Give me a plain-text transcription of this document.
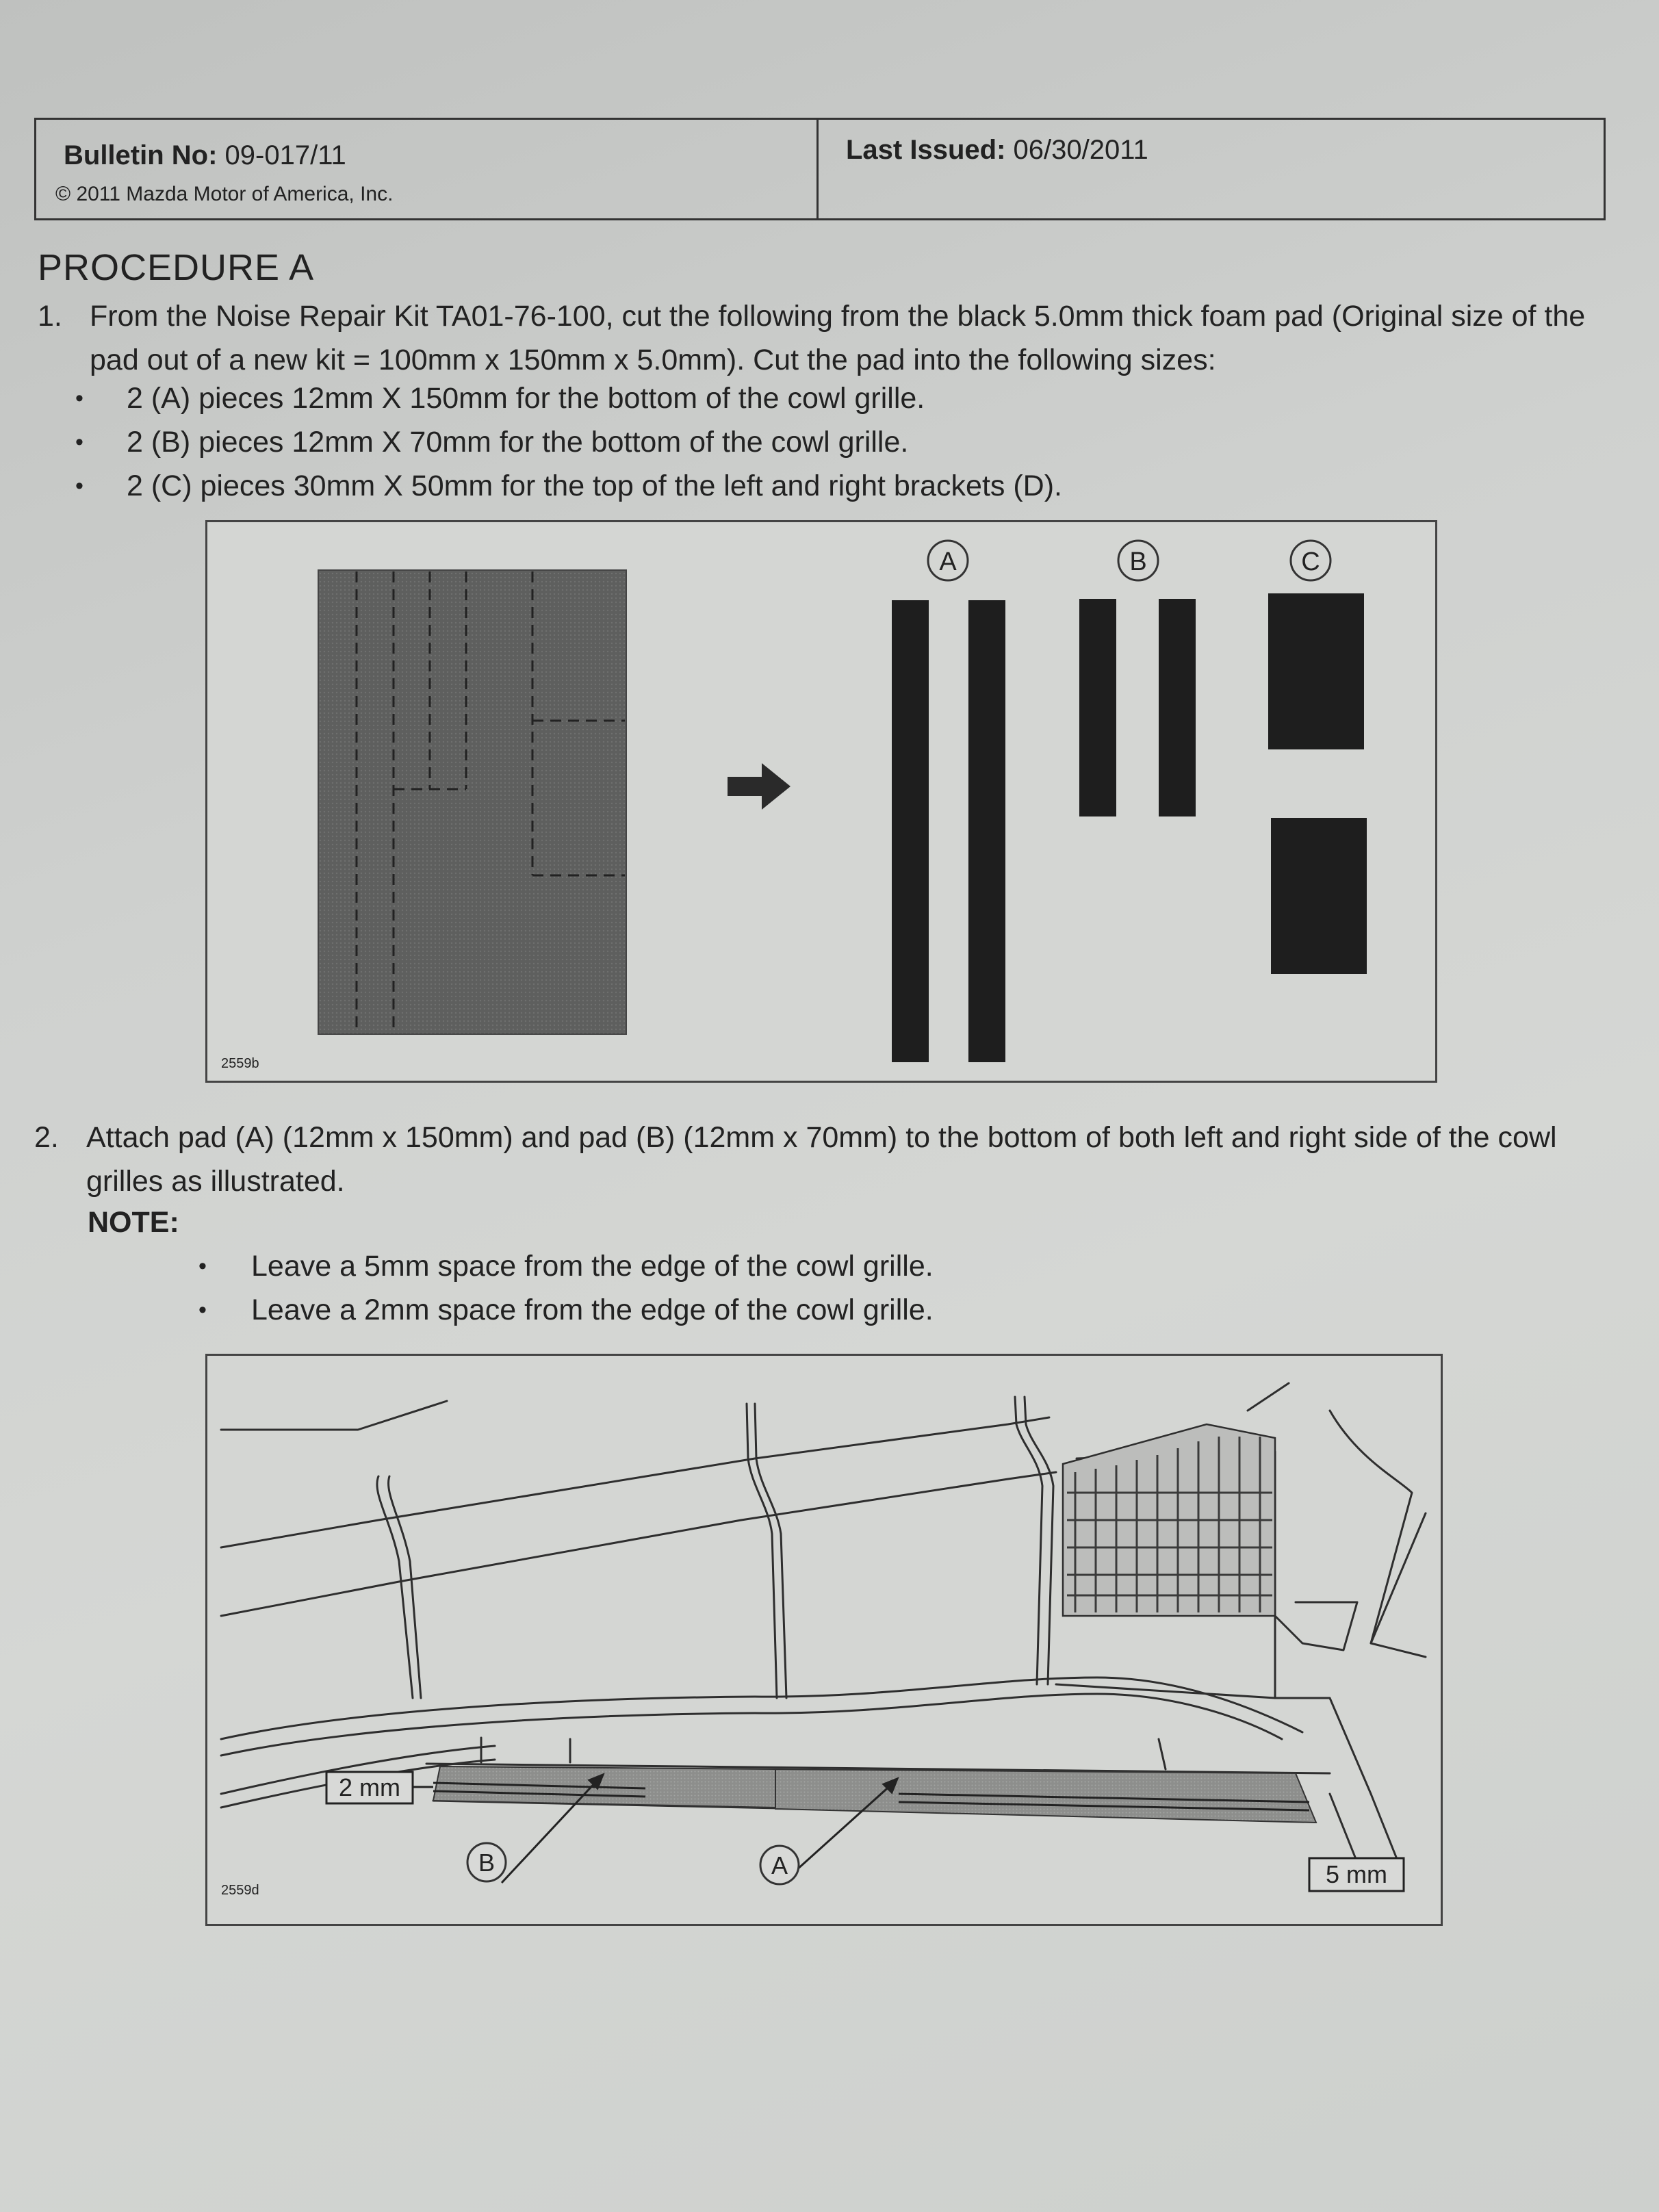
Bulletin No: 09-017/11
© 2011 Mazda Motor of America, Inc.
Last Issued: 06/30/2011
PROCEDURE A
1. From the Noise Repair Kit TA01-76-100, cut the following from the black 5.0mm thick foam pad (Original size of the pad out of a new kit = 100mm x 150mm x 5.0mm). Cut the pad into the following sizes:
• 2 (A) pieces 12mm X 150mm for the bottom of the cowl grille.
• 2 (B) pieces 12mm X 70mm for the bottom of the cowl grille.
• 2 (C) pieces 30mm X 50mm for the top of the left and right brackets (D).
A	B	C
2559b
2. Attach pad (A) (12mm x 150mm) and pad (B) (12mm x 70mm) to the bottom of both left and right side of the cowl grilles as illustrated.
NOTE:
• Leave a 5mm space from the edge of the cowl grille.
• Leave a 2mm space from the edge of the cowl grille.
2 mm
5 mm
B	A
2559d
